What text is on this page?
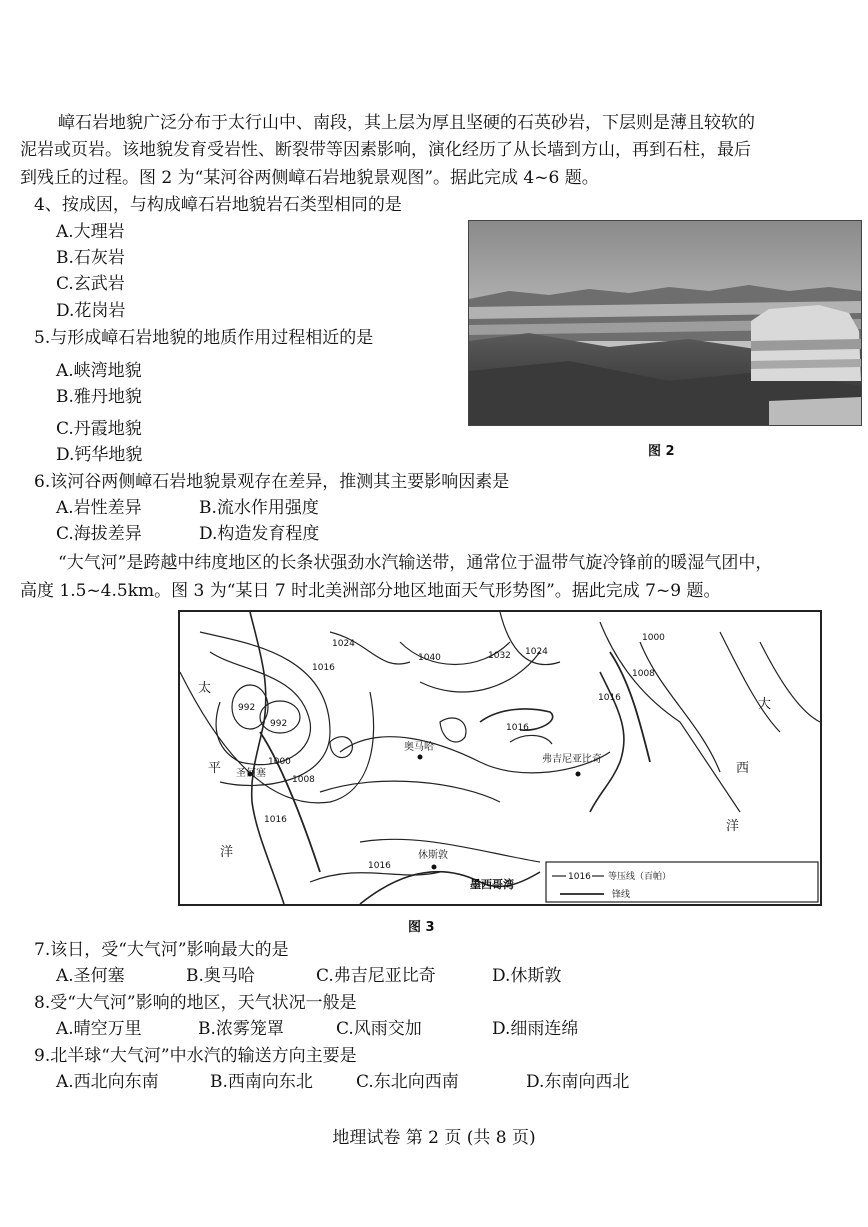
嶂石岩地貌广泛分布于太行山中、南段，其上层为厚且坚硬的石英砂岩，下层则是薄且较软的
泥岩或页岩。该地貌发育受岩性、断裂带等因素影响，演化经历了从长墙到方山，再到石柱，最后
到残丘的过程。图 2 为“某河谷两侧嶂石岩地貌景观图”。据此完成 4~6 题。
4、按成因，与构成嶂石岩地貌岩石类型相同的是
A.大理岩
B.石灰岩
C.玄武岩
D.花岗岩
5.与形成嶂石岩地貌的地质作用过程相近的是
A.峡湾地貌
B.雅丹地貌
C.丹霞地貌
D.钙华地貌	图 2
6.该河谷两侧嶂石岩地貌景观存在差异，推测其主要影响因素是
A.岩性差异	B.流水作用强度
C.海拔差异	D.构造发育程度
“大气河”是跨越中纬度地区的长条状强劲水汽输送带，通常位于温带气旋冷锋前的暖湿气团中，
高度 1.5~4.5km。图 3 为“某日 7 时北美洲部分地区地面天气形势图”。据此完成 7~9 题。
1024
1040	1032 1024
1000
1016
1008
1016
1016
992
992
1000
1008
1016
1016
圣何塞
奥马哈
弗吉尼亚比奇
休斯敦
太
平
洋
大
西
洋
墨西哥湾
1016 等压线（百帕）
锋线
图 3
7.该日，受“大气河”影响最大的是
A.圣何塞	B.奥马哈	C.弗吉尼亚比奇	D.休斯敦
8.受“大气河”影响的地区，天气状况一般是
A.晴空万里	B.浓雾笼罩	C.风雨交加	D.细雨连绵
9.北半球“大气河”中水汽的输送方向主要是
A.西北向东南	B.西南向东北	C.东北向西南	D.东南向西北
地理试卷 第 2 页 (共 8 页)
